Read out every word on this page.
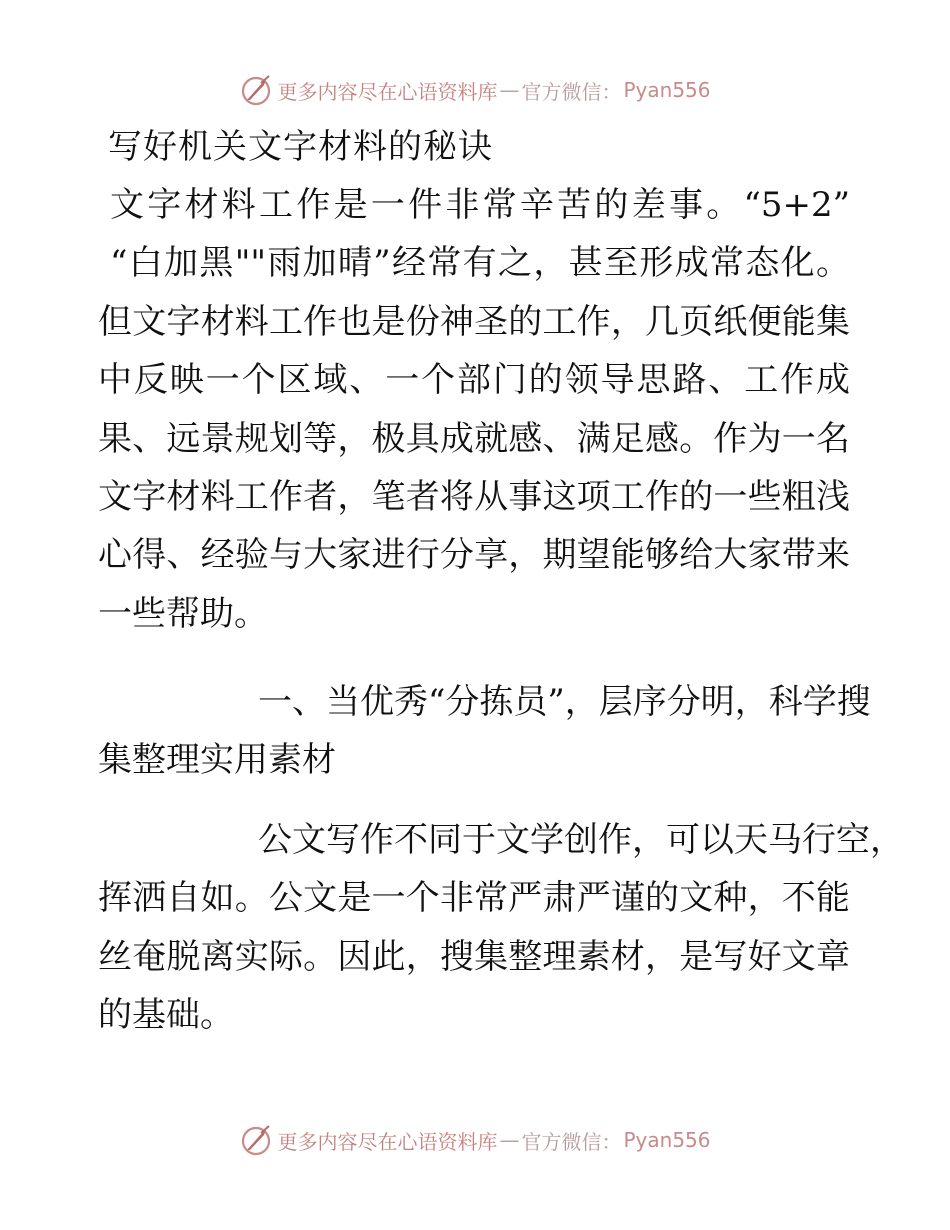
更多内容尽在心语资料库 — 官方微信： Pyan556
写好机关文字材料的秘诀
文字材料工作是一件非常辛苦的差事。“5+2”
“白加黑""雨加晴”经常有之，甚至形成常态化。
但文字材料工作也是份神圣的工作，几页纸便能集
中反映一个区域、一个部门的领导思路、工作成
果、远景规划等，极具成就感、满足感。作为一名
文字材料工作者，笔者将从事这项工作的一些粗浅
心得、经验与大家进行分享，期望能够给大家带来
一些帮助。
一、当优秀“分拣员”，层序分明，科学搜
集整理实用素材
公文写作不同于文学创作，可以天马行空，
挥洒自如。公文是一个非常严肃严谨的文种，不能
丝奄脱离实际。因此，搜集整理素材，是写好文章
的基础。
更多内容尽在心语资料库 — 官方微信： Pyan556
